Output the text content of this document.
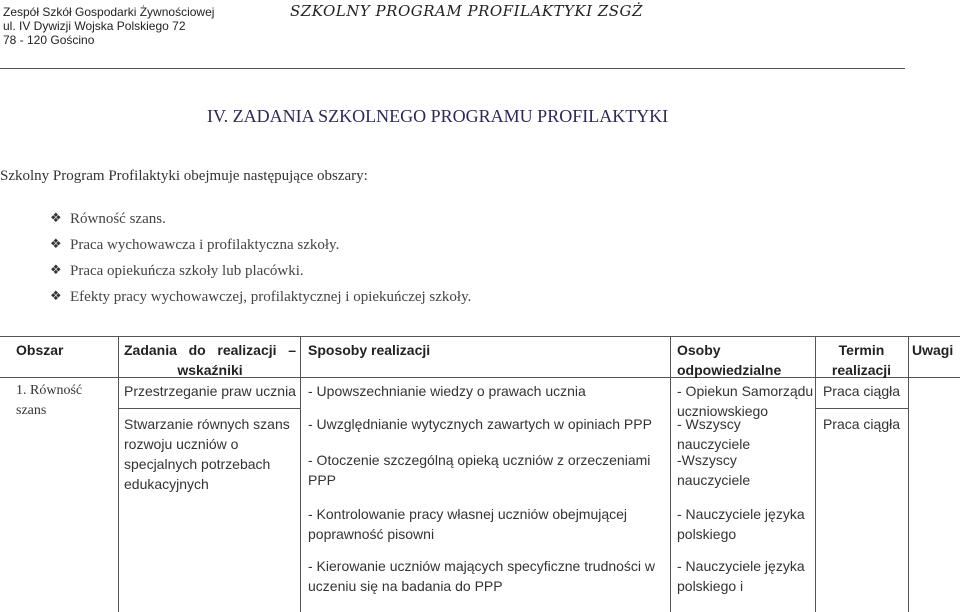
Zespół Szkół Gospodarki Żywnościowej
ul. IV Dywizji Wojska Polskiego 72
78 - 120 Gościno
SZKOLNY PROGRAM PROFILAKTYKI ZSGŻ
IV. ZADANIA SZKOLNEGO PROGRAMU PROFILAKTYKI
Szkolny Program Profilaktyki obejmuje następujące obszary:
❖ Równość szans.
❖ Praca wychowawcza i profilaktyczna szkoły.
❖ Praca opiekuńcza szkoły lub placówki.
❖ Efekty pracy wychowawczej, profilaktycznej i opiekuńczej szkoły.
Obszar	Zadania do realizacji –
wskaźniki
Sposoby realizacji	Osoby
odpowiedzialne
Termin
realizacji
Uwagi
1. Równość
szans
Przestrzeganie praw ucznia
Stwarzanie równych szans
rozwoju uczniów o
specjalnych potrzebach
edukacyjnych
- Upowszechnianie wiedzy o prawach ucznia
- Uwzględnianie wytycznych zawartych w opiniach PPP
- Otoczenie szczególną opieką uczniów z orzeczeniami
PPP
- Kontrolowanie pracy własnej uczniów obejmującej
poprawność pisowni
- Kierowanie uczniów mających specyficzne trudności w
uczeniu się na badania do PPP
- Opiekun Samorządu
uczniowskiego
- Wszyscy
nauczyciele
-Wszyscy
nauczyciele
- Nauczyciele języka
polskiego
- Nauczyciele języka
polskiego i
Praca ciągła
Praca ciągła
